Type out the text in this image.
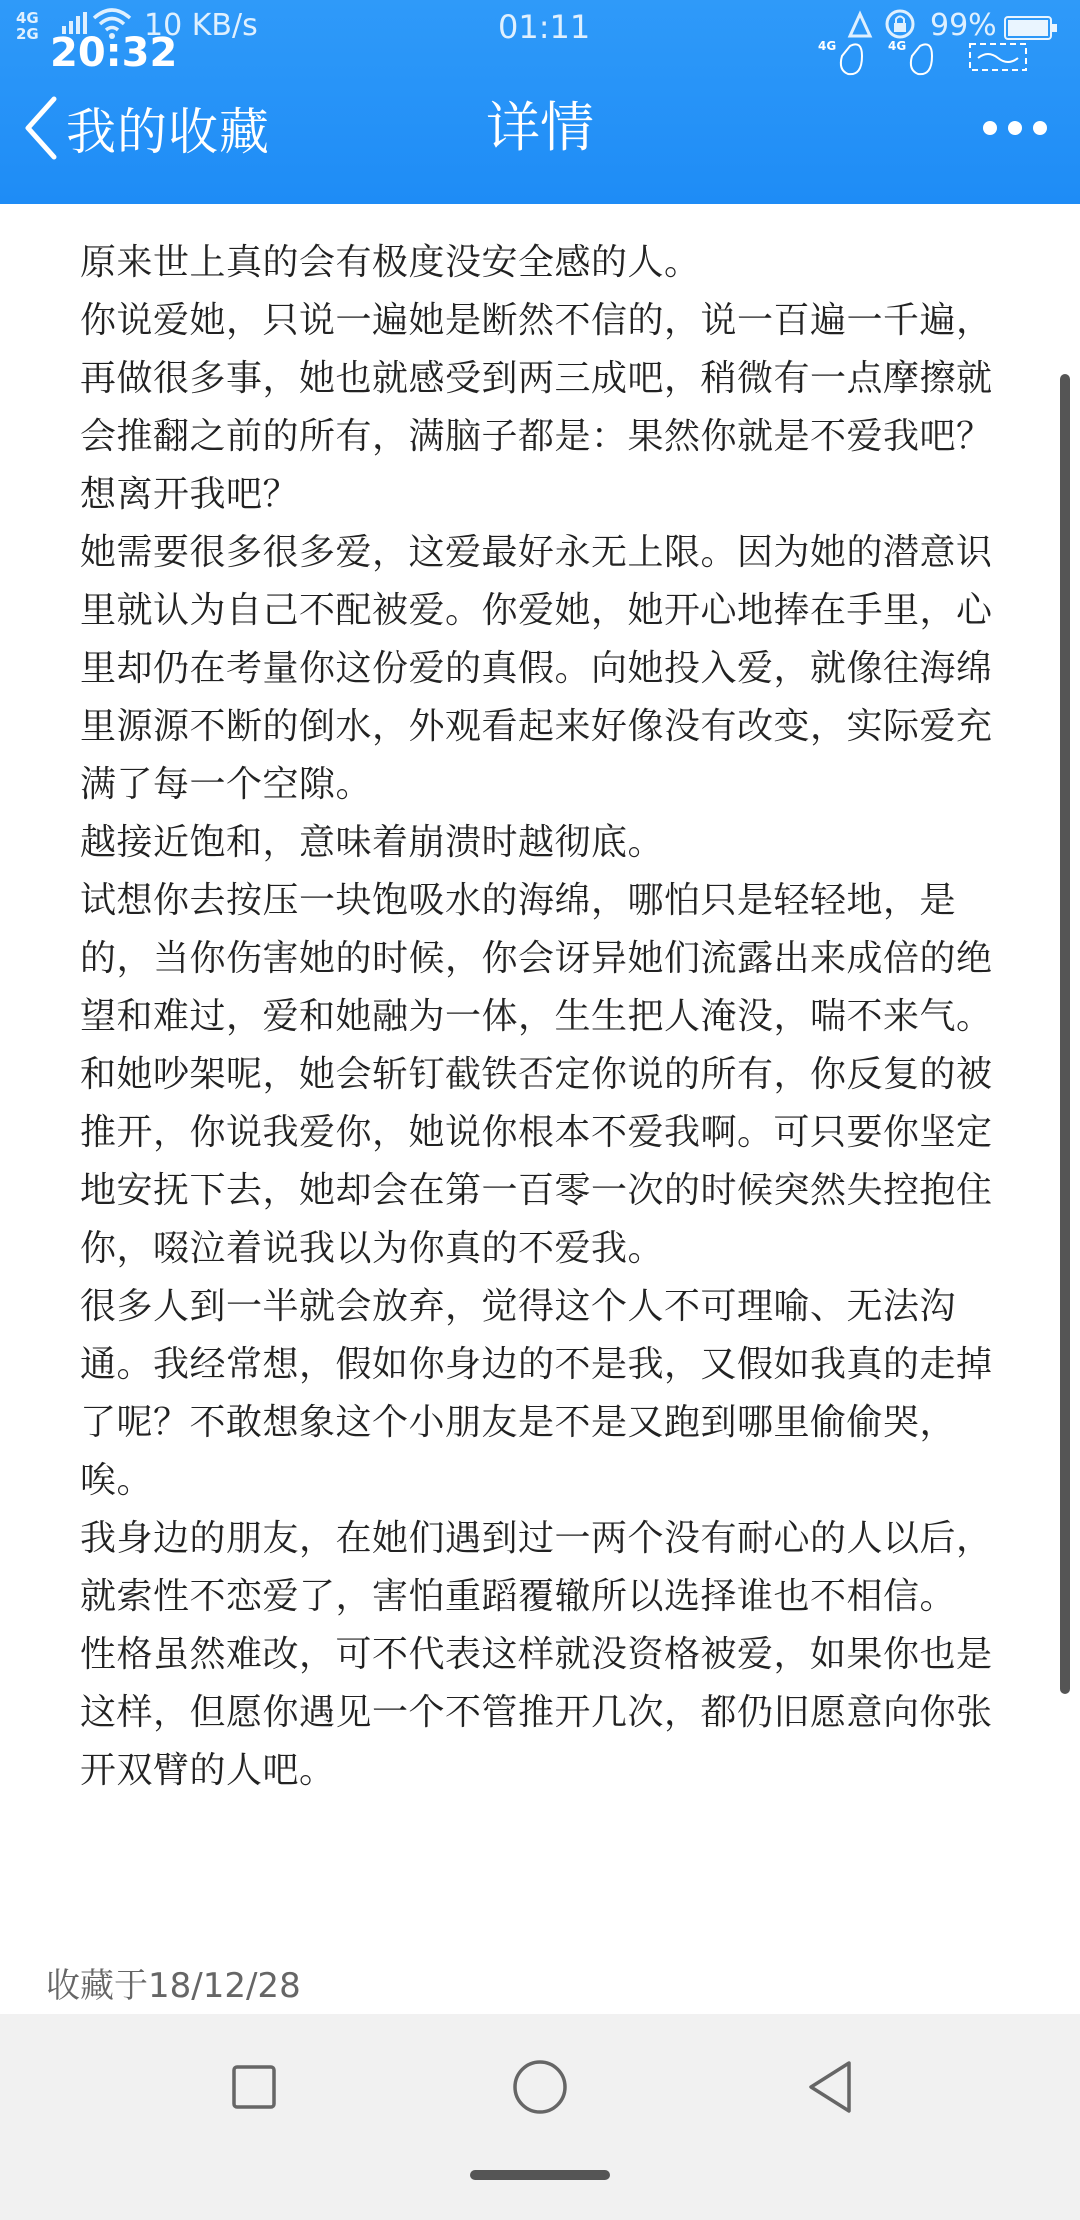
4G
2G	10 KB/s
20:32
01:11	99%
4G	4G
我的收藏	详情

原来世上真的会有极度没安全感的人。

你说爱她，只说一遍她是断然不信的，说一百遍一千遍，再做很多事，她也就感受到两三成吧，稍微有一点摩擦就会推翻之前的所有，满脑子都是：果然你就是不爱我吧？想离开我吧？

她需要很多很多爱，这爱最好永无上限。因为她的潜意识里就认为自己不配被爱。你爱她，她开心地捧在手里，心里却仍在考量你这份爱的真假。向她投入爱，就像往海绵里源源不断的倒水，外观看起来好像没有改变，实际爱充满了每一个空隙。

越接近饱和，意味着崩溃时越彻底。

试想你去按压一块饱吸水的海绵，哪怕只是轻轻地，是的，当你伤害她的时候，你会讶异她们流露出来成倍的绝望和难过，爱和她融为一体，生生把人淹没，喘不来气。

和她吵架呢，她会斩钉截铁否定你说的所有，你反复的被推开，你说我爱你，她说你根本不爱我啊。可只要你坚定地安抚下去，她却会在第一百零一次的时候突然失控抱住你，啜泣着说我以为你真的不爱我。

很多人到一半就会放弃，觉得这个人不可理喻、无法沟通。我经常想，假如你身边的不是我，又假如我真的走掉了呢？不敢想象这个小朋友是不是又跑到哪里偷偷哭，唉。

我身边的朋友，在她们遇到过一两个没有耐心的人以后，就索性不恋爱了，害怕重蹈覆辙所以选择谁也不相信。

性格虽然难改，可不代表这样就没资格被爱，如果你也是这样，但愿你遇见一个不管推开几次，都仍旧愿意向你张开双臂的人吧。

收藏于18/12/28
